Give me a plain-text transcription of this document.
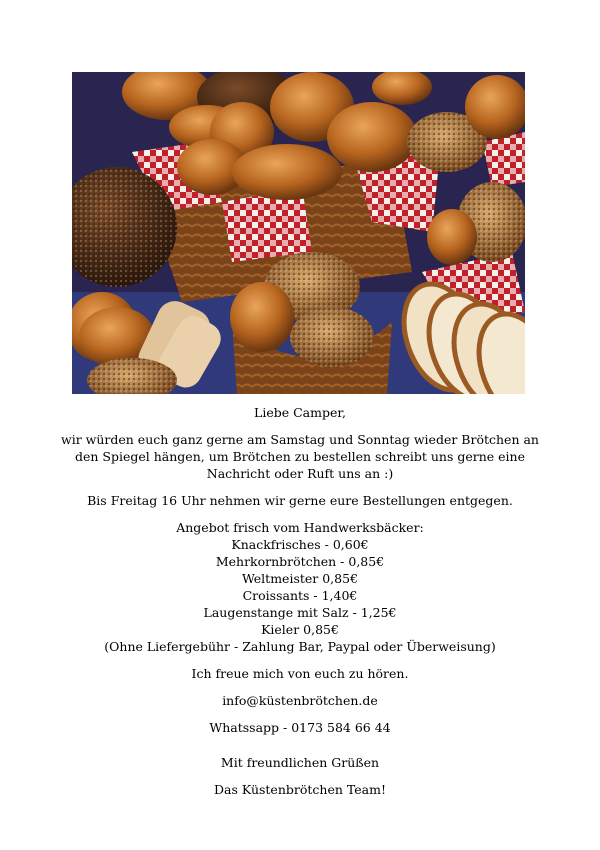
Liebe Camper,

wir würden euch ganz gerne am Samstag und Sonntag wieder Brötchen an den Spiegel hängen, um Brötchen zu bestellen schreibt uns gerne eine Nachricht oder Ruft uns an :)

Bis Freitag 16 Uhr nehmen wir gerne eure Bestellungen entgegen.

Angebot frisch vom Handwerksbäcker:

Knackfrisches - 0,60€

Mehrkornbrötchen - 0,85€

Weltmeister 0,85€

Croissants - 1,40€

Laugenstange mit Salz - 1,25€

Kieler 0,85€

(Ohne Liefergebühr - Zahlung Bar, Paypal oder Überweisung)

Ich freue mich von euch zu hören.

info@küstenbrötchen.de

Whatssapp - 0173 584 66 44

Mit freundlichen Grüßen

Das Küstenbrötchen Team!
